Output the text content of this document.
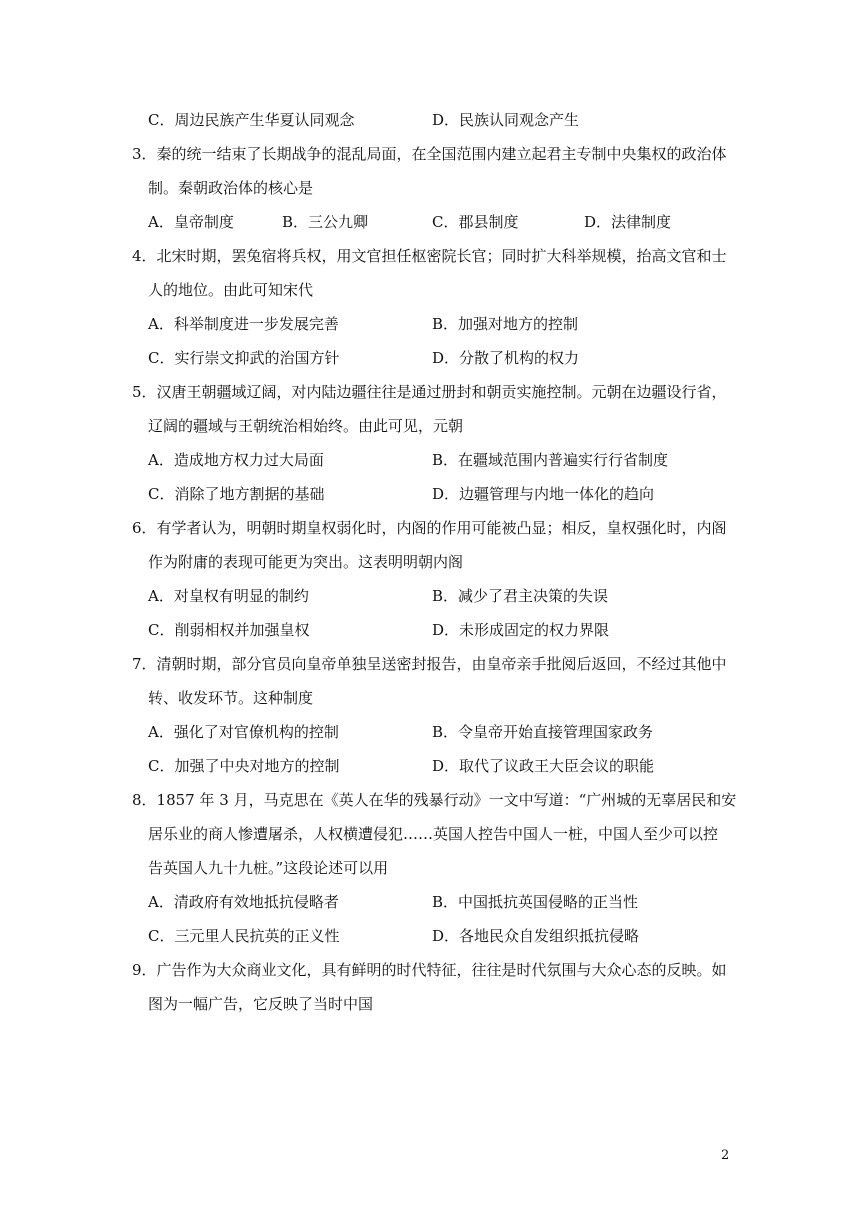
C．周边民族产生华夏认同观念	D．民族认同观念产生
3．秦的统一结束了长期战争的混乱局面，在全国范围内建立起君主专制中央集权的政治体
制。秦朝政治体的核心是
A．皇帝制度	B．三公九卿	C．郡县制度	D．法律制度
4．北宋时期，罢兔宿将兵权，用文官担任枢密院长官；同时扩大科举规模，抬高文官和士
人的地位。由此可知宋代
A．科举制度进一步发展完善	B．加强对地方的控制
C．实行崇文抑武的治国方针	D．分散了机构的权力
5．汉唐王朝疆域辽阔，对内陆边疆往往是通过册封和朝贡实施控制。元朝在边疆设行省，
辽阔的疆域与王朝统治相始终。由此可见，元朝
A．造成地方权力过大局面	B．在疆域范围内普遍实行行省制度
C．消除了地方割据的基础	D．边疆管理与内地一体化的趋向
6．有学者认为，明朝时期皇权弱化时，内阁的作用可能被凸显；相反，皇权强化时，内阁
作为附庸的表现可能更为突出。这表明明朝内阁
A．对皇权有明显的制约	B．减少了君主决策的失误
C．削弱相权并加强皇权	D．未形成固定的权力界限
7．清朝时期，部分官员向皇帝单独呈送密封报告，由皇帝亲手批阅后返回，不经过其他中
转、收发环节。这种制度
A．强化了对官僚机构的控制	B．令皇帝开始直接管理国家政务
C．加强了中央对地方的控制	D．取代了议政王大臣会议的职能
8．1857 年 3 月，马克思在《英人在华的残暴行动》一文中写道：“广州城的无辜居民和安
居乐业的商人惨遭屠杀，人权横遭侵犯……英国人控告中国人一桩，中国人至少可以控
告英国人九十九桩。”这段论述可以用
A．清政府有效地抵抗侵略者	B．中国抵抗英国侵略的正当性
C．三元里人民抗英的正义性	D．各地民众自发组织抵抗侵略
9．广告作为大众商业文化，具有鲜明的时代特征，往往是时代氛围与大众心态的反映。如
图为一幅广告，它反映了当时中国
2
